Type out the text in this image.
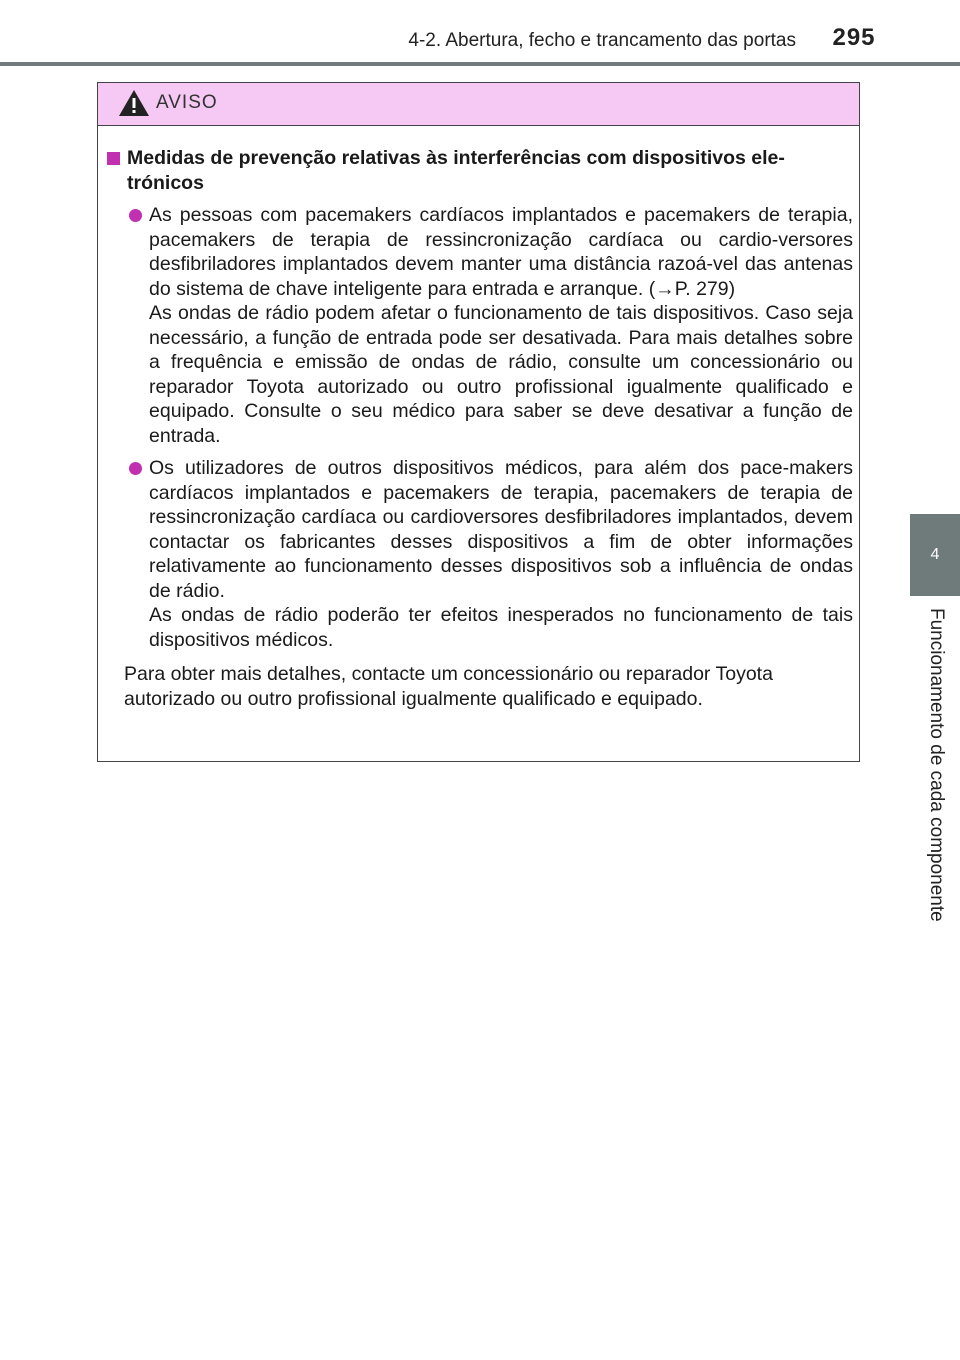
4-2. Abertura, fecho e trancamento das portas	295
4
Funcionamento de cada componente
AVISO
Medidas de prevenção relativas às interferências com dispositivos ele-trónicos

As pessoas com pacemakers cardíacos implantados e pacemakers de terapia, pacemakers de terapia de ressincronização cardíaca ou cardio-versores desfibriladores implantados devem manter uma distância razoá-vel das antenas do sistema de chave inteligente para entrada e arranque. (→P. 279)

As ondas de rádio podem afetar o funcionamento de tais dispositivos. Caso seja necessário, a função de entrada pode ser desativada. Para mais detalhes sobre a frequência e emissão de ondas de rádio, consulte um concessionário ou reparador Toyota autorizado ou outro profissional igualmente qualificado e equipado. Consulte o seu médico para saber se deve desativar a função de entrada.

Os utilizadores de outros dispositivos médicos, para além dos pace-makers cardíacos implantados e pacemakers de terapia, pacemakers de terapia de ressincronização cardíaca ou cardioversores desfibriladores implantados, devem contactar os fabricantes desses dispositivos a fim de obter informações relativamente ao funcionamento desses dispositivos sob a influência de ondas de rádio.

As ondas de rádio poderão ter efeitos inesperados no funcionamento de tais dispositivos médicos.

Para obter mais detalhes, contacte um concessionário ou reparador Toyota autorizado ou outro profissional igualmente qualificado e equipado.
